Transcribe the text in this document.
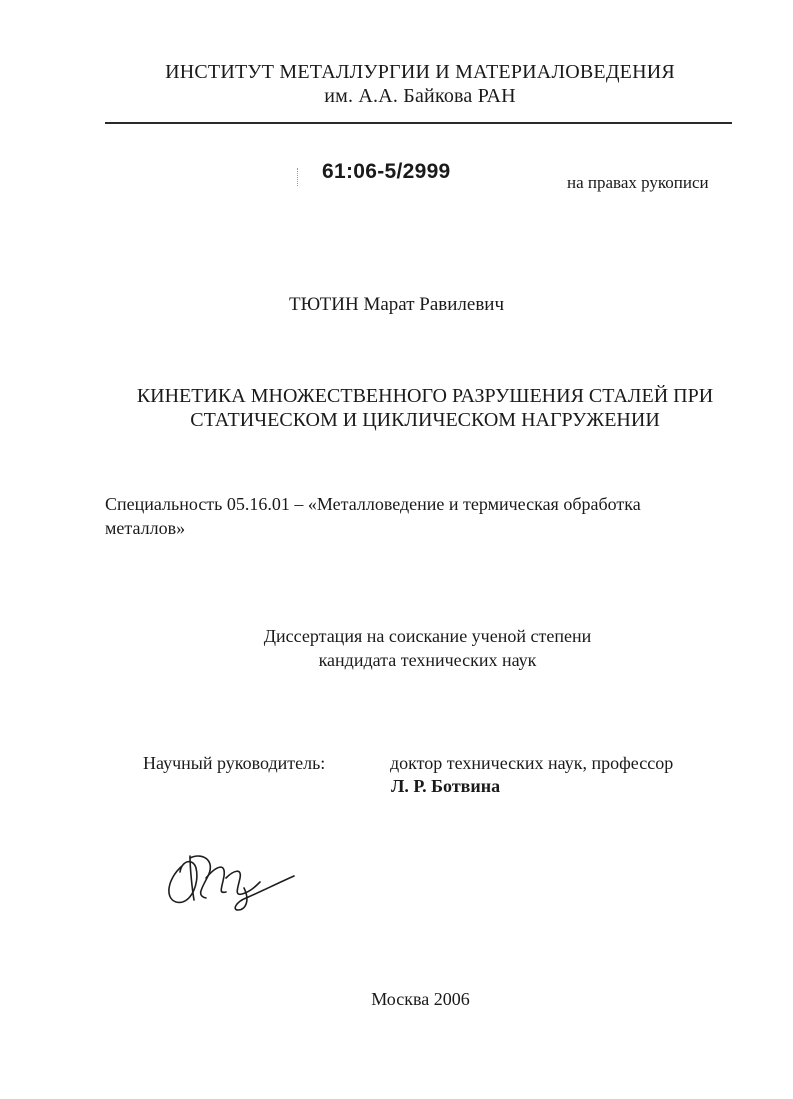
ИНСТИТУТ МЕТАЛЛУРГИИ И МАТЕРИАЛОВЕДЕНИЯ
им. А.А. Байкова РАН
61:06-5/2999	на правах рукописи
ТЮТИН Марат Равилевич
КИНЕТИКА МНОЖЕСТВЕННОГО РАЗРУШЕНИЯ СТАЛЕЙ ПРИ
СТАТИЧЕСКОМ И ЦИКЛИЧЕСКОМ НАГРУЖЕНИИ
Специальность 05.16.01 – «Металловедение и термическая обработка
металлов»
Диссертация на соискание ученой степени
кандидата технических наук
Научный руководитель:	доктор технических наук, профессор
Л. Р. Ботвина
Москва 2006
